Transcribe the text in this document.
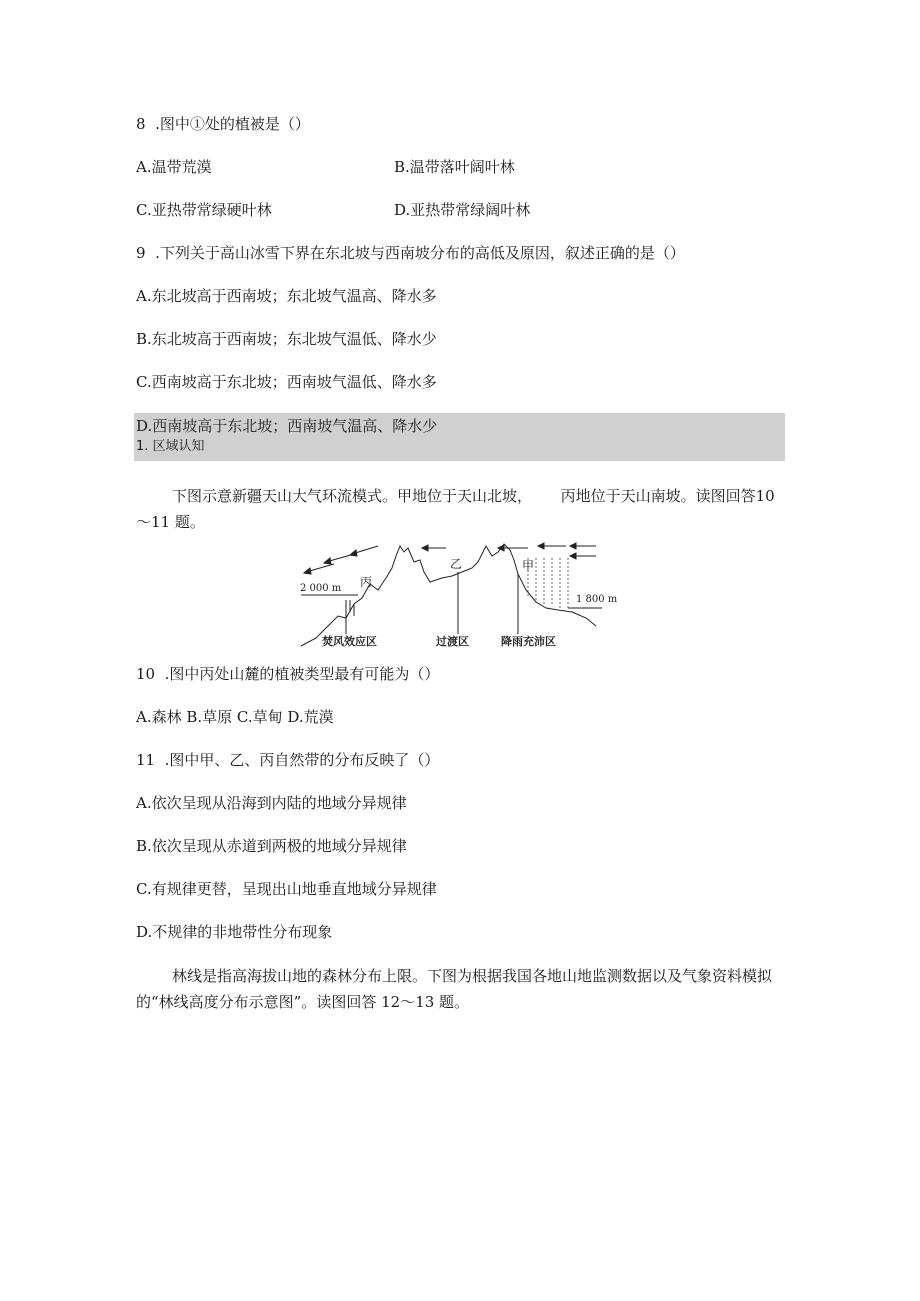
8  .图中①处的植被是（）
A.温带荒漠	B.温带落叶阔叶林
C.亚热带常绿硬叶林	D.亚热带常绿阔叶林
9  .下列关于高山冰雪下界在东北坡与西南坡分布的高低及原因，叙述正确的是（）
A.东北坡高于西南坡；东北坡气温高、降水多
B.东北坡高于西南坡；东北坡气温低、降水少
C.西南坡高于东北坡；西南坡气温低、降水多
D.西南坡高于东北坡；西南坡气温高、降水少
1. 区域认知
下图示意新疆天山大气环流模式。甲地位于天山北坡，      丙地位于天山南坡。读图回答10～11 题。
2 000 m
1 800 m
丙
乙	甲
焚风效应区	过渡区	降雨充沛区
10  .图中丙处山麓的植被类型最有可能为（）
A.森林 B.草原 C.草甸 D.荒漠
11  .图中甲、乙、丙自然带的分布反映了（）
A.依次呈现从沿海到内陆的地域分异规律
B.依次呈现从赤道到两极的地域分异规律
C.有规律更替，呈现出山地垂直地域分异规律
D.不规律的非地带性分布现象
林线是指高海拔山地的森林分布上限。下图为根据我国各地山地监测数据以及气象资料模拟的“林线高度分布示意图”。读图回答 12～13 题。
